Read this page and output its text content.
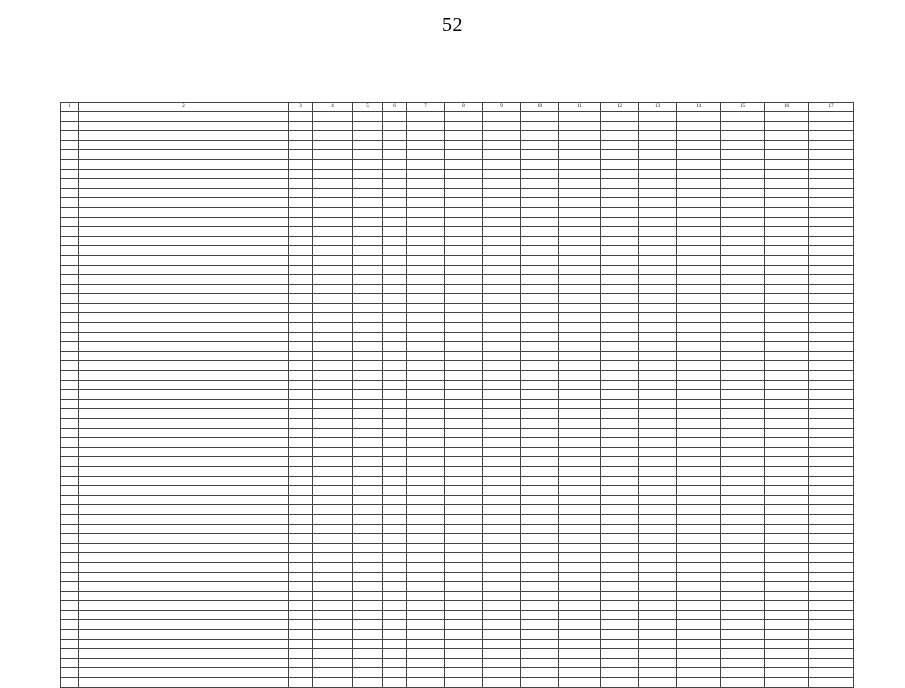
52
1	2	3	4	5	6	7	8	9	10	11	12	13	14	15	16	17
